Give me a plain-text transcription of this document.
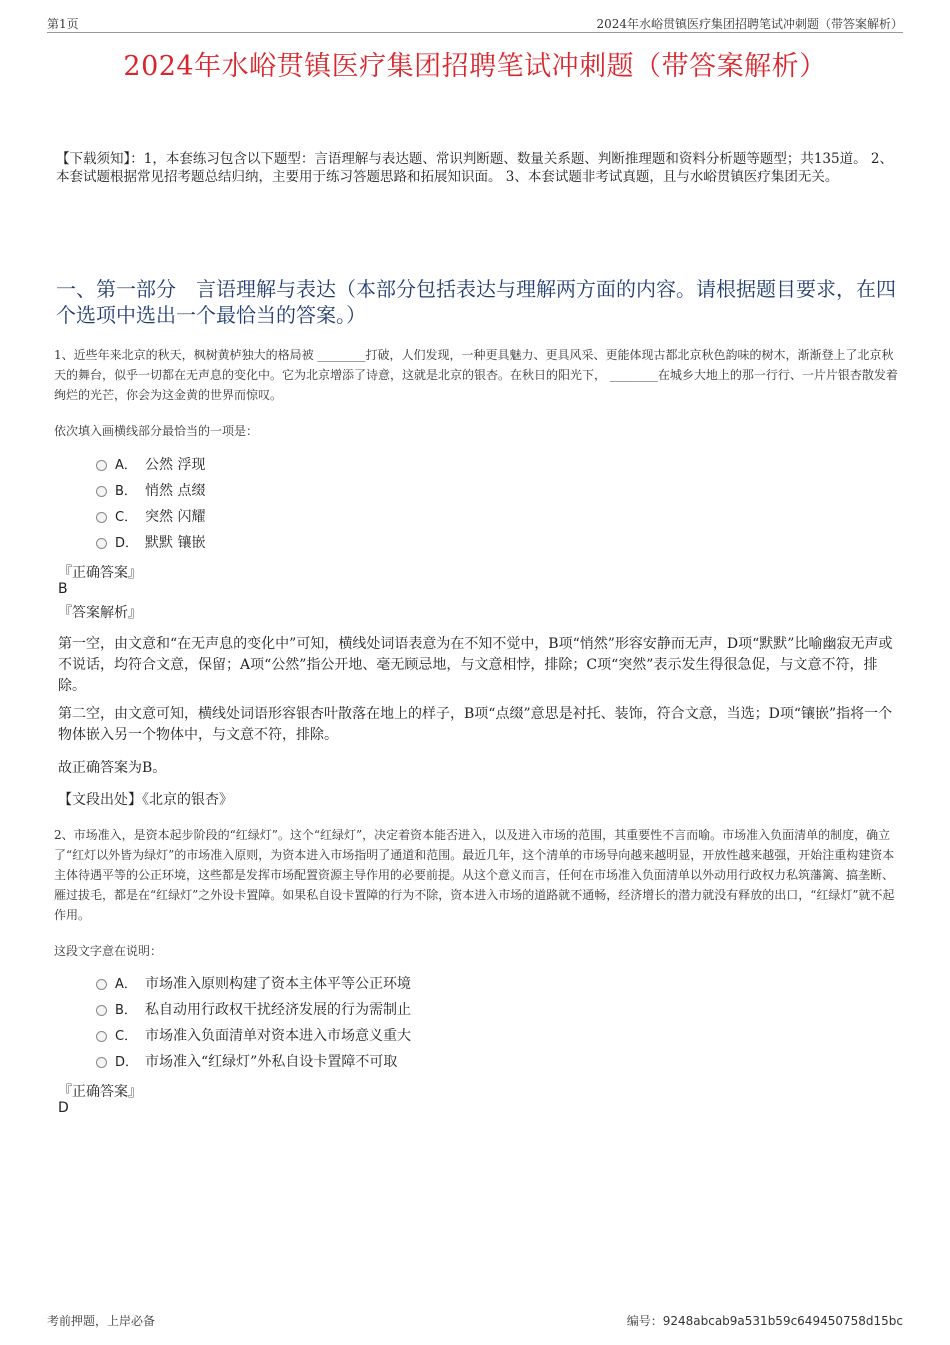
第1页	2024年水峪贯镇医疗集团招聘笔试冲刺题（带答案解析）
2024年水峪贯镇医疗集团招聘笔试冲刺题（带答案解析）
【下载须知】：1，本套练习包含以下题型：言语理解与表达题、常识判断题、数量关系题、判断推理题和资料分析题等题型；共135道。 2、本套试题根据常见招考题总结归纳，主要用于练习答题思路和拓展知识面。 3、本套试题非考试真题，且与水峪贯镇医疗集团无关。
一、第一部分　言语理解与表达（本部分包括表达与理解两方面的内容。请根据题目要求，在四个选项中选出一个最恰当的答案。）
1、近些年来北京的秋天，枫树黄栌独大的格局被 ________打破，人们发现，一种更具魅力、更具风采、更能体现古都北京秋色韵味的树木，渐渐登上了北京秋天的舞台，似乎一切都在无声息的变化中。它为北京增添了诗意，这就是北京的银杏。在秋日的阳光下， ________在城乡大地上的那一行行、一片片银杏散发着绚烂的光芒，你会为这金黄的世界而惊叹。
依次填入画横线部分最恰当的一项是：
A． 公然 浮现
B． 悄然 点缀
C． 突然 闪耀
D． 默默 镶嵌
『正确答案』
B
『答案解析』
第一空，由文意和“在无声息的变化中”可知，横线处词语表意为在不知不觉中，B项“悄然”形容安静而无声，D项“默默”比喻幽寂无声或不说话，均符合文意，保留；A项“公然”指公开地、毫无顾忌地，与文意相悖，排除；C项“突然”表示发生得很急促，与文意不符，排除。
第二空，由文意可知，横线处词语形容银杏叶散落在地上的样子，B项“点缀”意思是衬托、装饰，符合文意，当选；D项“镶嵌”指将一个物体嵌入另一个物体中，与文意不符，排除。
故正确答案为B。
【文段出处】《北京的银杏》
2、市场准入，是资本起步阶段的“红绿灯”。这个“红绿灯”，决定着资本能否进入，以及进入市场的范围，其重要性不言而喻。市场准入负面清单的制度，确立了“红灯以外皆为绿灯”的市场准入原则，为资本进入市场指明了通道和范围。最近几年，这个清单的市场导向越来越明显，开放性越来越强，开始注重构建资本主体待遇平等的公正环境，这些都是发挥市场配置资源主导作用的必要前提。从这个意义而言，任何在市场准入负面清单以外动用行政权力私筑藩篱、搞垄断、雁过拔毛，都是在“红绿灯”之外设卡置障。如果私自设卡置障的行为不除，资本进入市场的道路就不通畅，经济增长的潜力就没有释放的出口，“红绿灯”就不起作用。
这段文字意在说明：
A． 市场准入原则构建了资本主体平等公正环境
B． 私自动用行政权干扰经济发展的行为需制止
C． 市场准入负面清单对资本进入市场意义重大
D． 市场准入“红绿灯”外私自设卡置障不可取
『正确答案』
D
考前押题，上岸必备	编号：9248abcab9a531b59c649450758d15bc
